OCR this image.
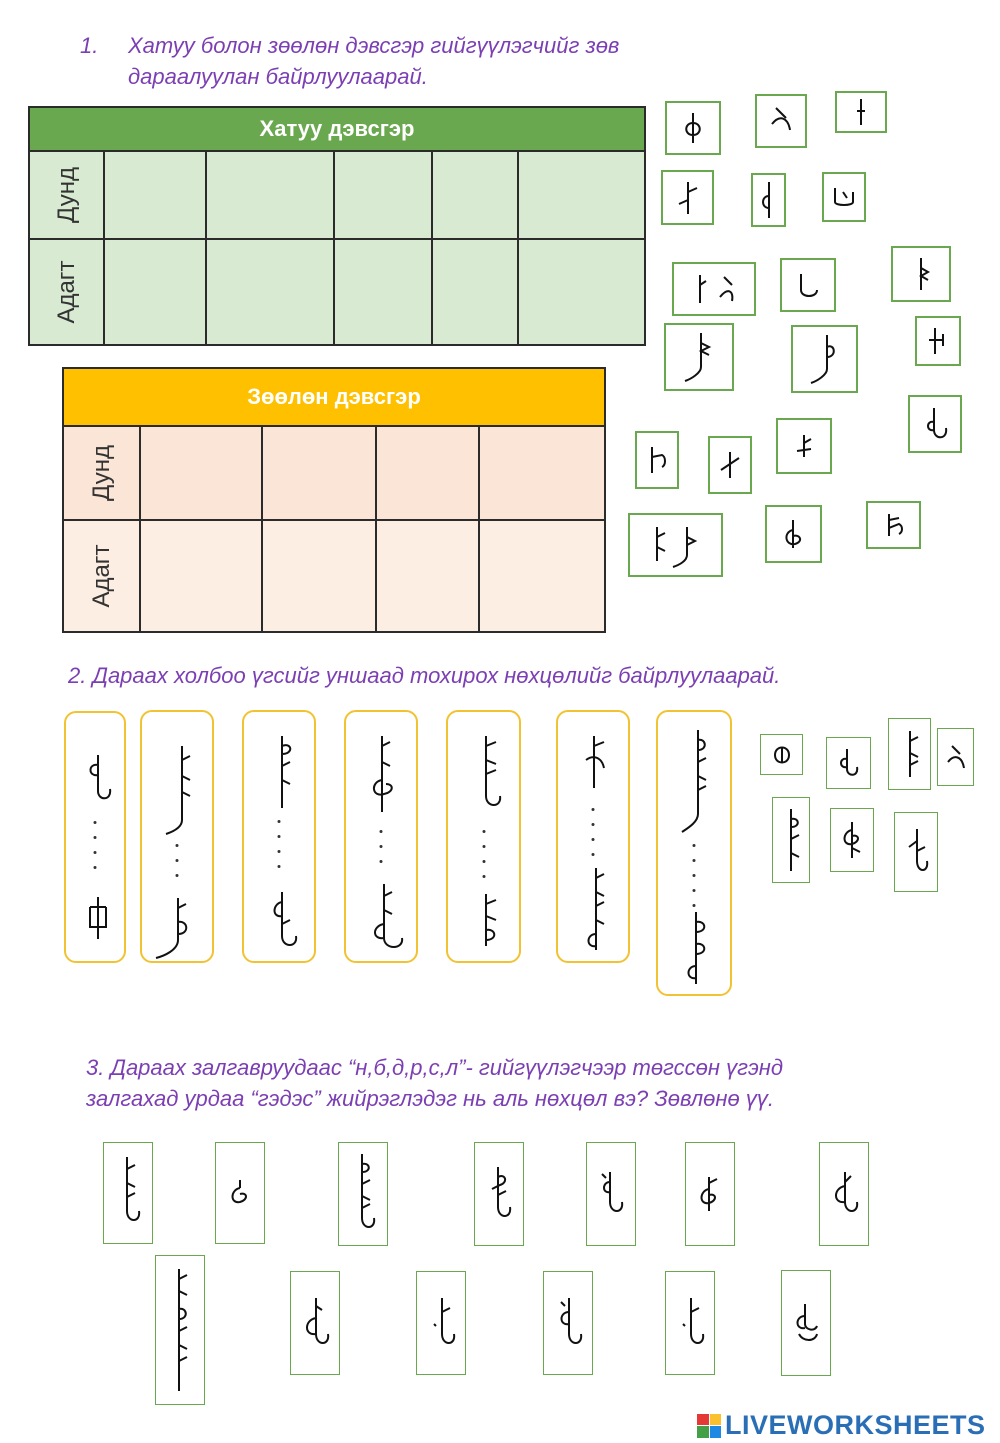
1. Хатуу болон зөөлөн дэвсгэр гийгүүлэгчийг зөв
дараалуулан байрлуулаарай.
Хатуу дэвсгэр					

Дунд					

Адагт					

Зөөлөн дэвсгэр				

Дунд				

Адагт				

2. Дараах холбоо үгсийг уншаад тохирох нөхцөлийг байрлуулаарай.
3. Дараах залгавруудаас “н,б,д,р,с,л”- гийгүүлэгчээр төгссөн үгэнд
залгахад урдаа “гэдэс” жийрэглэдэг нь аль нөхцөл вэ? Зөвлөнө үү.
LIVEWORKSHEETS
